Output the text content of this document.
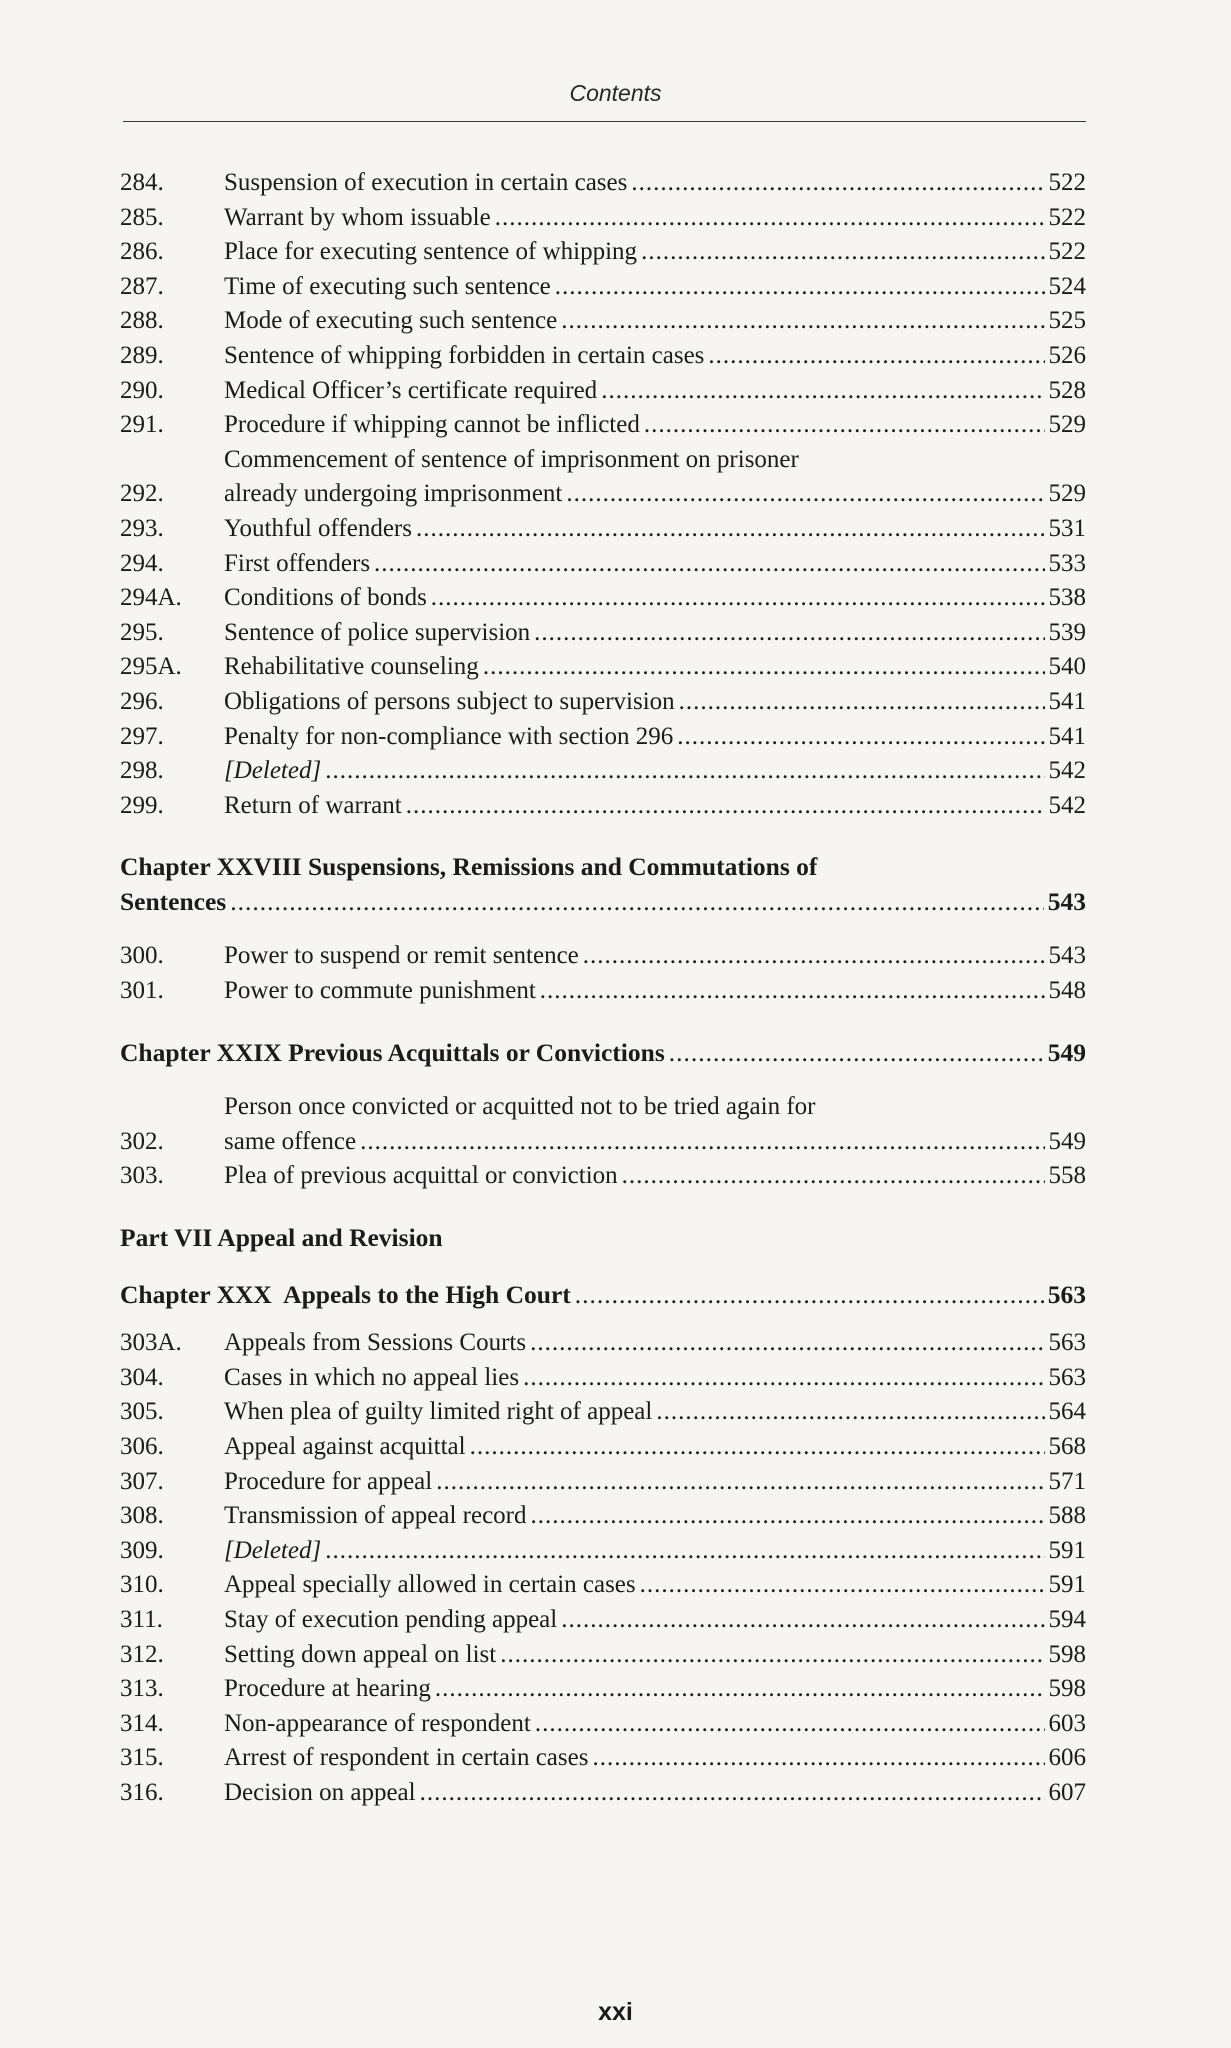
Contents
284.	Suspension of execution in certain cases .....	522
285.	Warrant by whom issuable .....	522
286.	Place for executing sentence of whipping .....	522
287.	Time of executing such sentence .....	524
288.	Mode of executing such sentence .....	525
289.	Sentence of whipping forbidden in certain cases .....	526
290.	Medical Officer’s certificate required .....	528
291.	Procedure if whipping cannot be inflicted .....	529
292.
Commencement of sentence of imprisonment on prisoner
already undergoing imprisonment .....	529
293.	Youthful offenders .....	531
294.	First offenders .....	533
294A.	Conditions of bonds .....	538
295.	Sentence of police supervision .....	539
295A.	Rehabilitative counseling .....	540
296.	Obligations of persons subject to supervision .....	541
297.	Penalty for non-compliance with section 296 .....	541
298.	[Deleted] .....	542
299.	Return of warrant .....	542
Chapter XXVIII Suspensions, Remissions and Commutations of
Sentences .....	543
300.	Power to suspend or remit sentence .....	543
301.	Power to commute punishment .....	548
Chapter XXIX Previous Acquittals or Convictions .....	549
302.
Person once convicted or acquitted not to be tried again for
same offence .....	549
303.	Plea of previous acquittal or conviction .....	558
Part VII Appeal and Revision
Chapter XXX  Appeals to the High Court .....	563
303A.	Appeals from Sessions Courts .....	563
304.	Cases in which no appeal lies .....	563
305.	When plea of guilty limited right of appeal .....	564
306.	Appeal against acquittal .....	568
307.	Procedure for appeal .....	571
308.	Transmission of appeal record .....	588
309.	[Deleted] .....	591
310.	Appeal specially allowed in certain cases .....	591
311.	Stay of execution pending appeal .....	594
312.	Setting down appeal on list .....	598
313.	Procedure at hearing .....	598
314.	Non-appearance of respondent .....	603
315.	Arrest of respondent in certain cases .....	606
316.	Decision on appeal .....	607
xxi
